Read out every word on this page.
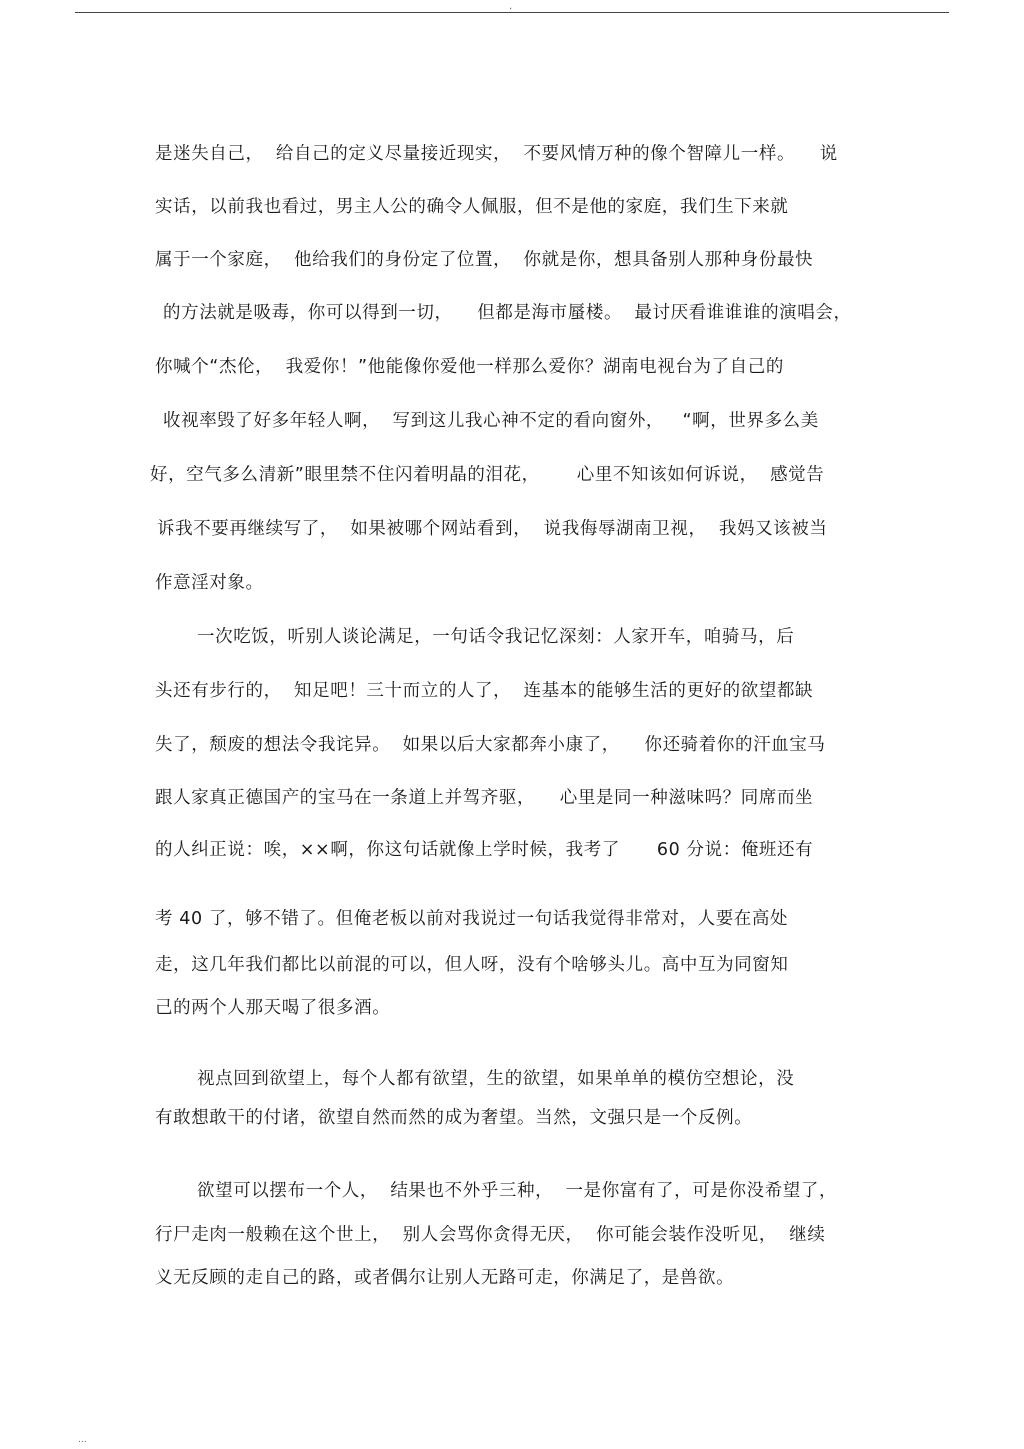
.
是迷失自己，  给自己的定义尽量接近现实，  不要风情万种的像个智障儿一样。    说
实话，以前我也看过，男主人公的确令人佩服，但不是他的家庭，我们生下来就
属于一个家庭，  他给我们的身份定了位置，  你就是你，想具备别人那种身份最快
的方法就是吸毒，你可以得到一切，    但都是海市蜃楼。  最讨厌看谁谁谁的演唱会，
你喊个“杰伦，  我爱你！”他能像你爱他一样那么爱你？湖南电视台为了自己的
收视率毁了好多年轻人啊，  写到这儿我心神不定的看向窗外，   “啊，世界多么美
好，空气多么清新”眼里禁不住闪着明晶的泪花，      心里不知该如何诉说，  感觉告
诉我不要再继续写了，  如果被哪个网站看到，  说我侮辱湖南卫视，  我妈又该被当
作意淫对象。
一次吃饭，听别人谈论满足，一句话令我记忆深刻：人家开车，咱骑马，后
头还有步行的，  知足吧！三十而立的人了，  连基本的能够生活的更好的欲望都缺
失了，颓废的想法令我诧异。  如果以后大家都奔小康了，    你还骑着你的汗血宝马
跟人家真正德国产的宝马在一条道上并驾齐驱，    心里是同一种滋味吗？同席而坐
的人纠正说：唉，××啊，你这句话就像上学时候，我考了      60 分说：俺班还有
考 40 了，够不错了。但俺老板以前对我说过一句话我觉得非常对，人要在高处
走，这几年我们都比以前混的可以，但人呀，没有个啥够头儿。高中互为同窗知
己的两个人那天喝了很多酒。
视点回到欲望上，每个人都有欲望，生的欲望，如果单单的模仿空想论，没
有敢想敢干的付诸，欲望自然而然的成为奢望。当然，文强只是一个反例。
欲望可以摆布一个人，  结果也不外乎三种，  一是你富有了，可是你没希望了，
行尸走肉一般赖在这个世上，  别人会骂你贪得无厌，  你可能会装作没听见，  继续
义无反顾的走自己的路，或者偶尔让别人无路可走，你满足了，是兽欲。
...
